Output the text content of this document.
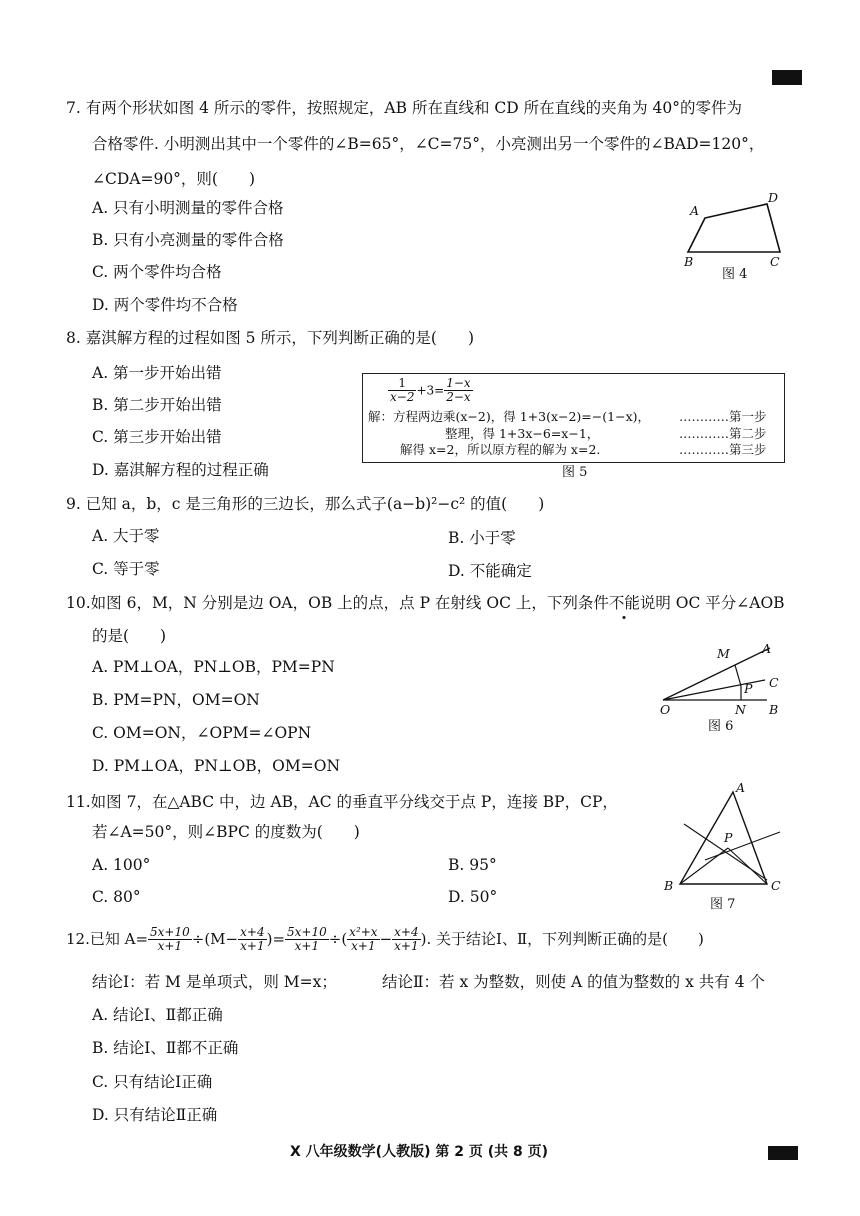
7. 有两个形状如图 4 所示的零件，按照规定，AB 所在直线和 CD 所在直线的夹角为 40°的零件为
合格零件. 小明测出其中一个零件的∠B=65°，∠C=75°，小亮测出另一个零件的∠BAD=120°，
∠CDA=90°，则(　　)
A. 只有小明测量的零件合格
B. 只有小亮测量的零件合格
C. 两个零件均合格
D. 两个零件均不合格
A
D
B	C
图 4
8. 嘉淇解方程的过程如图 5 所示，下列判断正确的是(　　)
A. 第一步开始出错
B. 第二步开始出错
C. 第三步开始出错
D. 嘉淇解方程的过程正确
$\frac{1}{x-2} +3= \frac{1-x}{2-x}$
解：方程两边乘(x−2)，得 1+3(x−2)=−(1−x)，
整理，得 1+3x−6=x−1，
解得 x=2，所以原方程的解为 x=2.
…………第一步
…………第二步
…………第三步
图 5
9. 已知 a，b，c 是三角形的三边长，那么式子(a−b)²−c² 的值(　　)
A. 大于零	B. 小于零
C. 等于零	D. 不能确定
10.如图 6，M，N 分别是边 OA，OB 上的点，点 P 在射线 OC 上，下列条件不能说明 OC 平分∠AOB
的是(　　)
A. PM⊥OA，PN⊥OB，PM=PN
B. PM=PN，OM=ON
C. OM=ON，∠OPM=∠OPN
D. PM⊥OA，PN⊥OB，OM=ON
M	A
P C
O	N B
图 6
11.如图 7，在△ABC 中，边 AB，AC 的垂直平分线交于点 P，连接 BP，CP，
若∠A=50°，则∠BPC 的度数为(　　)
A. 100°	B. 95°
C. 80°	D. 50°
A
P
B	C
图 7
12.已知 $A= \frac{5x+10}{x+1} \div(M- \frac{x+4}{x+1}$ )= $\frac{5x+10}{x+1}$ ÷( $\frac{\text{x²+x}}{x+1} - \frac{x+4}{x+1}$ ). 关于结论Ⅰ、Ⅱ，下列判断正确的是(　　)
结论Ⅰ：若 M 是单项式，则 M=x；	结论Ⅱ：若 x 为整数，则使 A 的值为整数的 x 共有 4 个
A. 结论Ⅰ、Ⅱ都正确
B. 结论Ⅰ、Ⅱ都不正确
C. 只有结论Ⅰ正确
D. 只有结论Ⅱ正确
X 八年级数学(人教版) 第 2 页 (共 8 页)
